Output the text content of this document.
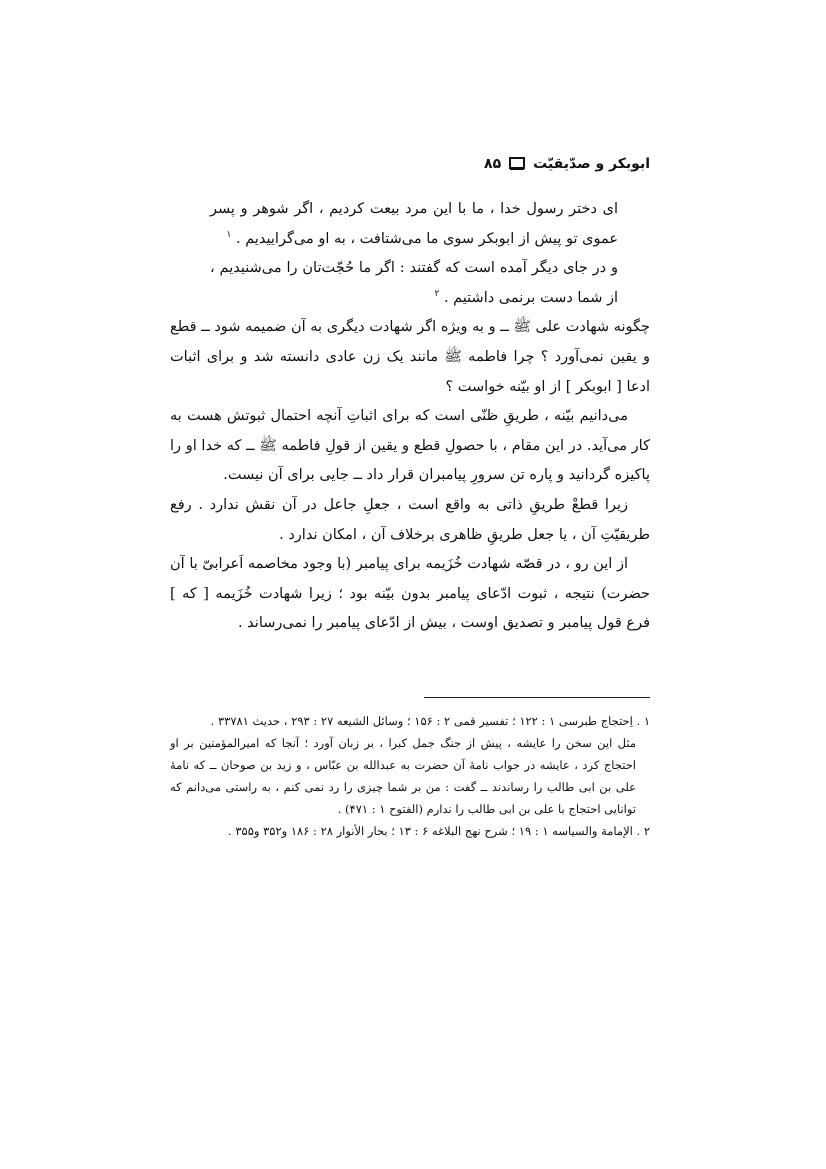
ابوبکر و صدّیقیّت
۸۵

ای دختر رسول خدا ، ما با این مرد بیعت کردیم ، اگر شوهر و پسر عموی تو پیش از ابوبکر سوی ما می‌شتافت ، به او می‌گراییدیم . $^۱$

و در جای دیگر آمده است که گفتند : اگر ما حُجّت‌تان را می‌شنیدیم ، از شما دست برنمی داشتیم . $^۲$

چگونه شهادت علی ﷺ ــ و به ویژه اگر شهادت دیگری به آن ضمیمه شود ــ قطع و یقین نمی‌آورد ؟ چرا فاطمه ﷺ مانند یک زن عادی دانسته شد و برای اثبات ادعا [ ابوبکر ] از او بیّنه خواست ؟

می‌دانیم بیّنه ، طریقِ ظنّی است که برای اثباتِ آنچه احتمال ثبوتش هست به کار می‌آید. در این مقام ، با حصولِ قطع و یقین از قولِ فاطمه ﷺ ــ که خدا او را پاکیزه گردانید و پاره تن سرورِ پیامبران قرار داد ــ جایی برای آن نیست.

زیرا قطعْ طریقِ ذاتی به واقع است ، جعلِ جاعل در آن نقش ندارد . رفع طریقیّتِ آن ، یا جعل طریقِ ظاهری برخلاف آن ، امکان ندارد .

از این رو ، در قصّه شهادت خُزَیمه برای پیامبر (با وجود مخاصمه اَعرابیّ با آن حضرت) نتیجه ، ثبوت ادّعای پیامبر بدون بیّنه بود ؛ زیرا شهادت خُزَیمه [ که ] فرع قول پیامبر و تصدیق اوست ، بیش از ادّعای پیامبر را نمی‌رساند .

۱ . اِحتجاج طبرسی ۱ : ۱۲۲ ؛ تفسیر قمی ۲ : ۱۵۶ ؛ وسائل الشیعه ۲۷ : ۲۹۳ ، حدیث ۳۳۷۸۱ .

مثل این سخن را عایشه ، پیش از جنگ جمل کبرا ، بر زبان آورد ؛ آنجا که امیرالمؤمنین بر او احتجاج کرد ، عایشه در جواب نامهٔ آن حضرت به عبدالله بن عبّاس ، و زید بن صوحان ــ که نامهٔ علی بن ابی طالب را رساندند ــ گفت : من بر شما چیزی را رد نمی کنم ، به راستی می‌دانم که توانایی احتجاج با علی بن ابی طالب را ندارم (الفتوح ۱ : ۴۷۱) .

۲ . الإمامة والسیاسه ۱ : ۱۹ ؛ شرح نهج البلاغه ۶ : ۱۳ ؛ بحار الأنوار ۲۸ : ۱۸۶ و۳۵۲ و۳۵۵ .
